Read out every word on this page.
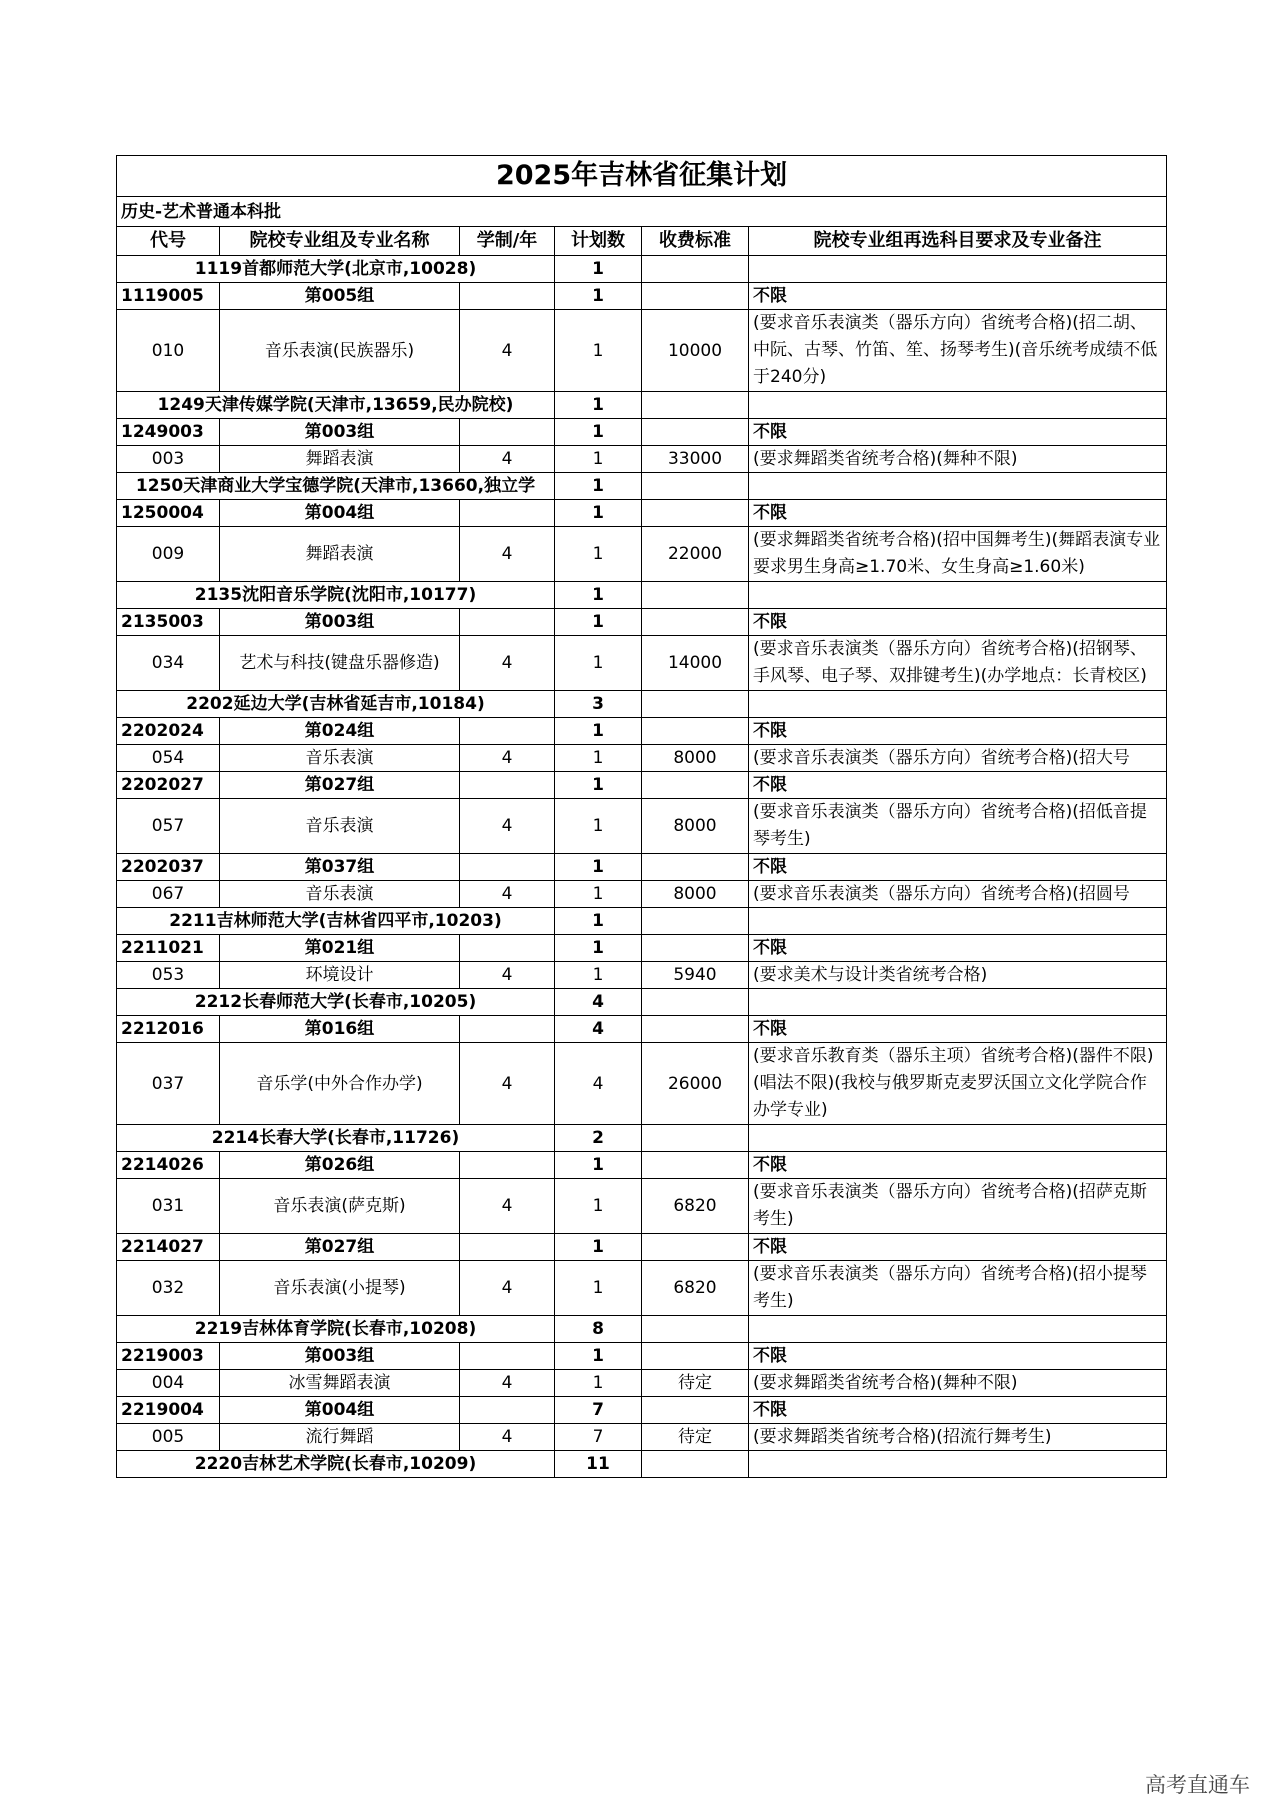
2025年吉林省征集计划					
历史-艺术普通本科批					
代号	院校专业组及专业名称	学制/年	计划数	收费标准	院校专业组再选科目要求及专业备注
1119首都师范大学(北京市,10028)			1		
1119005	第005组		1		不限
010	音乐表演(民族器乐)	4	1	10000	(要求音乐表演类（器乐方向）省统考合格)(招二胡、中阮、古琴、竹笛、笙、扬琴考生)(音乐统考成绩不低于240分)
1249天津传媒学院(天津市,13659,民办院校)			1		
1249003	第003组		1		不限
003	舞蹈表演	4	1	33000	(要求舞蹈类省统考合格)(舞种不限)
1250天津商业大学宝德学院(天津市,13660,独立学			1		
1250004	第004组		1		不限
009	舞蹈表演	4	1	22000	(要求舞蹈类省统考合格)(招中国舞考生)(舞蹈表演专业要求男生身高≥1.70米、女生身高≥1.60米)
2135沈阳音乐学院(沈阳市,10177)			1		
2135003	第003组		1		不限
034	艺术与科技(键盘乐器修造)	4	1	14000	(要求音乐表演类（器乐方向）省统考合格)(招钢琴、手风琴、电子琴、双排键考生)(办学地点：长青校区)

2202延边大学(吉林省延吉市,10184)			3		
2202024	第024组		1		不限
054	音乐表演	4	1	8000	(要求音乐表演类（器乐方向）省统考合格)(招大号
2202027	第027组		1		不限
057	音乐表演	4	1	8000	(要求音乐表演类（器乐方向）省统考合格)(招低音提琴考生)
2202037	第037组		1		不限
067	音乐表演	4	1	8000	(要求音乐表演类（器乐方向）省统考合格)(招圆号
2211吉林师范大学(吉林省四平市,10203)			1		
2211021	第021组		1		不限
053	环境设计	4	1	5940	(要求美术与设计类省统考合格)
2212长春师范大学(长春市,10205)			4		
2212016	第016组		4		不限
037	音乐学(中外合作办学)	4	4	26000	(要求音乐教育类（器乐主项）省统考合格)(器件不限)(唱法不限)(我校与俄罗斯克麦罗沃国立文化学院合作办学专业)
2214长春大学(长春市,11726)			2		
2214026	第026组		1		不限
031	音乐表演(萨克斯)	4	1	6820	(要求音乐表演类（器乐方向）省统考合格)(招萨克斯考生)
2214027	第027组		1		不限
032	音乐表演(小提琴)	4	1	6820	(要求音乐表演类（器乐方向）省统考合格)(招小提琴考生)
2219吉林体育学院(长春市,10208)			8		
2219003	第003组		1		不限
004	冰雪舞蹈表演	4	1	待定	(要求舞蹈类省统考合格)(舞种不限)
2219004	第004组		7		不限
005	流行舞蹈	4	7	待定	(要求舞蹈类省统考合格)(招流行舞考生)
2220吉林艺术学院(长春市,10209)			11		
高考直通车
